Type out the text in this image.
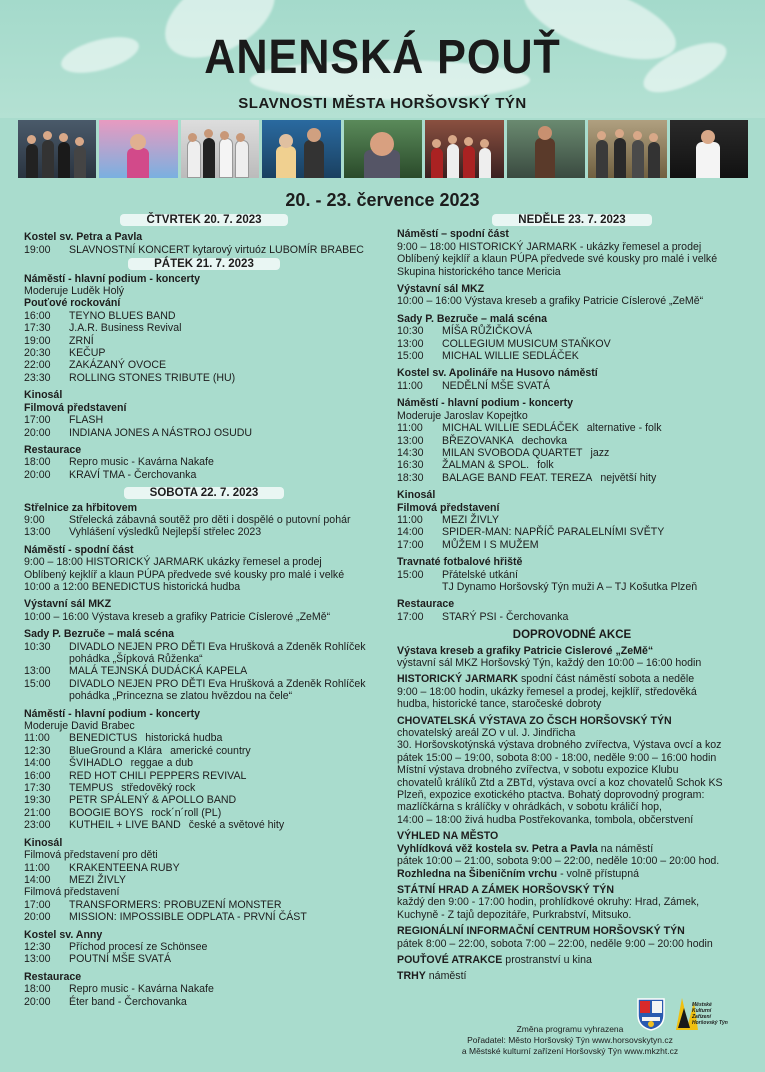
ANENSKÁ POUŤ
SLAVNOSTI MĚSTA HORŠOVSKÝ TÝN
20. - 23. července 2023
ČTVRTEK 20. 7. 2023
Kostel sv. Petra a Pavla
19:00	SLAVNOSTNÍ KONCERT kytarový virtuóz LUBOMÍR BRABEC
PÁTEK 21. 7. 2023
Náměstí - hlavní podium - koncerty
Moderuje Luděk Holý
Pouťové rockování
16:00	TEYNO BLUES BAND
17:30	J.A.R. Business Revival
19:00	ZRNÍ
20:30	KEČUP
22:00	ZAKÁZANÝ OVOCE
23:30	ROLLING STONES TRIBUTE (HU)
Kinosál
Filmová představení
17:00	FLASH
20:00	INDIANA JONES A NÁSTROJ OSUDU
Restaurace
18:00	Repro music - Kavárna Nakafe
20:00	KRAVÍ TMA - Čerchovanka
SOBOTA 22. 7. 2023
Střelnice za hřbitovem
9:00	Střelecká zábavná soutěž pro děti i dospělé o putovní pohár
13:00	Vyhlášení výsledků Nejlepší střelec 2023
Náměstí - spodní část
9:00 – 18:00 HISTORICKÝ JARMARK ukázky řemesel a prodej
Oblíbený kejklíř a klaun PÚPA předvede své kousky pro malé i velké
10:00 a 12:00 BENEDICTUS historická hudba
Výstavní sál MKZ
10:00 – 16:00 Výstava kreseb a grafiky Patricie Císlerové „ZeMě“
Sady P. Bezruče – malá scéna
10:30	DIVADLO NEJEN PRO DĚTI Eva Hrušková a Zdeněk Rohlíček
pohádka „Šípková Růženka“
13:00	MALÁ TEJNSKÁ DUDÁCKÁ KAPELA
15:00	DIVADLO NEJEN PRO DĚTI Eva Hrušková a Zdeněk Rohlíček
pohádka „Princezna se zlatou hvězdou na čele“
Náměstí - hlavní podium - koncerty
Moderuje David Brabec
11:00	BENEDICTUS historická hudba
12:30	BlueGround a Klára americké country
14:00	ŠVIHADLO reggae a dub
16:00	RED HOT CHILI PEPPERS REVIVAL
17:30	TEMPUS středověký rock
19:30	PETR SPÁLENÝ & APOLLO BAND
21:00	BOOGIE BOYS rock´n´roll (PL)
23:00	KUTHEIL + LIVE BAND české a světové hity
Kinosál
Filmová představení pro děti
11:00	KRAKENTEENA RUBY
14:00	MEZI ŽIVLY
Filmová představení
17:00	TRANSFORMERS: PROBUZENÍ MONSTER
20:00	MISSION: IMPOSSIBLE ODPLATA - PRVNÍ ČÁST
Kostel sv. Anny
12:30	Příchod procesí ze Schönsee
13:00	POUTNÍ MŠE SVATÁ
Restaurace
18:00	Repro music - Kavárna Nakafe
20:00	Éter band - Čerchovanka
NEDĚLE 23. 7. 2023
Náměstí – spodní část
9:00 – 18:00 HISTORICKÝ JARMARK - ukázky řemesel a prodej
Oblíbený kejklíř a klaun PÚPA předvede své kousky pro malé i velké
Skupina historického tance Mericia
Výstavní sál MKZ
10:00 – 16:00 Výstava kreseb a grafiky Patricie Císlerové „ZeMě“
Sady P. Bezruče – malá scéna
10:30	MÍŠA RŮŽIČKOVÁ
13:00	COLLEGIUM MUSICUM STAŇKOV
15:00	MICHAL WILLIE SEDLÁČEK
Kostel sv. Apolináře na Husovo náměstí
11:00	NEDĚLNÍ MŠE SVATÁ
Náměstí - hlavní podium - koncerty
Moderuje Jaroslav Kopejtko
11:00	MICHAL WILLIE SEDLÁČEK alternative - folk
13:00	BŘEZOVANKA dechovka
14:30	MILAN SVOBODA QUARTET jazz
16:30	ŽALMAN & SPOL. folk
18:30	BALAGE BAND FEAT. TEREZA největší hity
Kinosál
Filmová představení
11:00	MEZI ŽIVLY
14:00	SPIDER-MAN: NAPŘÍČ PARALELNÍMI SVĚTY
17:00	MŮŽEM I S MUŽEM
Travnaté fotbalové hřiště
15:00	Přátelské utkání
TJ Dynamo Horšovský Týn muži A – TJ Košutka Plzeň
Restaurace
17:00	STARÝ PSI - Čerchovanka
DOPROVODNÉ AKCE
Výstava kreseb a grafiky Patricie Cislerové „ZeMě“
výstavní sál MKZ Horšovský Týn, každý den 10:00 – 16:00 hodin
HISTORICKÝ JARMARK spodní část náměstí sobota a neděle
9:00 – 18:00 hodin, ukázky řemesel a prodej, kejklíř, středověká
hudba, historické tance, staročeské dobroty
CHOVATELSKÁ VÝSTAVA ZO ČSCH HORŠOVSKÝ TÝN
chovatelský areál ZO v ul. J. Jindřicha
30. Horšovskotýnská výstava drobného zvířectva, Výstava ovcí a koz
pátek 15:00 – 19:00, sobota 8:00 - 18:00, neděle 9:00 – 16:00 hodin
Místní výstava drobného zvířectva, v sobotu expozice Klubu
chovatelů králíků Ztd a ZBTd, výstava ovcí a koz chovatelů Schok KS
Plzeň, expozice exotického ptactva. Bohatý doprovodný program:
mazlíčkárna s králíčky v ohrádkách, v sobotu králičí hop,
14:00 – 18:00 živá hudba Postřekovanka, tombola, občerstvení
VÝHLED NA MĚSTO
Vyhlídková věž kostela sv. Petra a Pavla na náměstí
pátek 10:00 – 21:00, sobota 9:00 – 22:00, neděle 10:00 – 20:00 hod.
Rozhledna na Šibeničním vrchu - volně přístupná
STÁTNÍ HRAD A ZÁMEK HORŠOVSKÝ TÝN
každý den 9:00 - 17:00 hodin, prohlídkové okruhy: Hrad, Zámek,
Kuchyně - Z tajů depozitáře, Purkrabství, Mitsuko.
REGIONÁLNÍ INFORMAČNÍ CENTRUM HORŠOVSKÝ TÝN
pátek 8:00 – 22:00, sobota 7:00 – 22:00, neděle 9:00 – 20:00 hodin
POUŤOVÉ ATRAKCE prostranství u kina
TRHY náměstí
Městské Kulturní Zařízení Horšovský Týn
Změna programu vyhrazena
Pořadatel: Město Horšovský Týn www.horsovskytyn.cz
a Městské kulturní zařízení Horšovský Týn www.mkzht.cz
